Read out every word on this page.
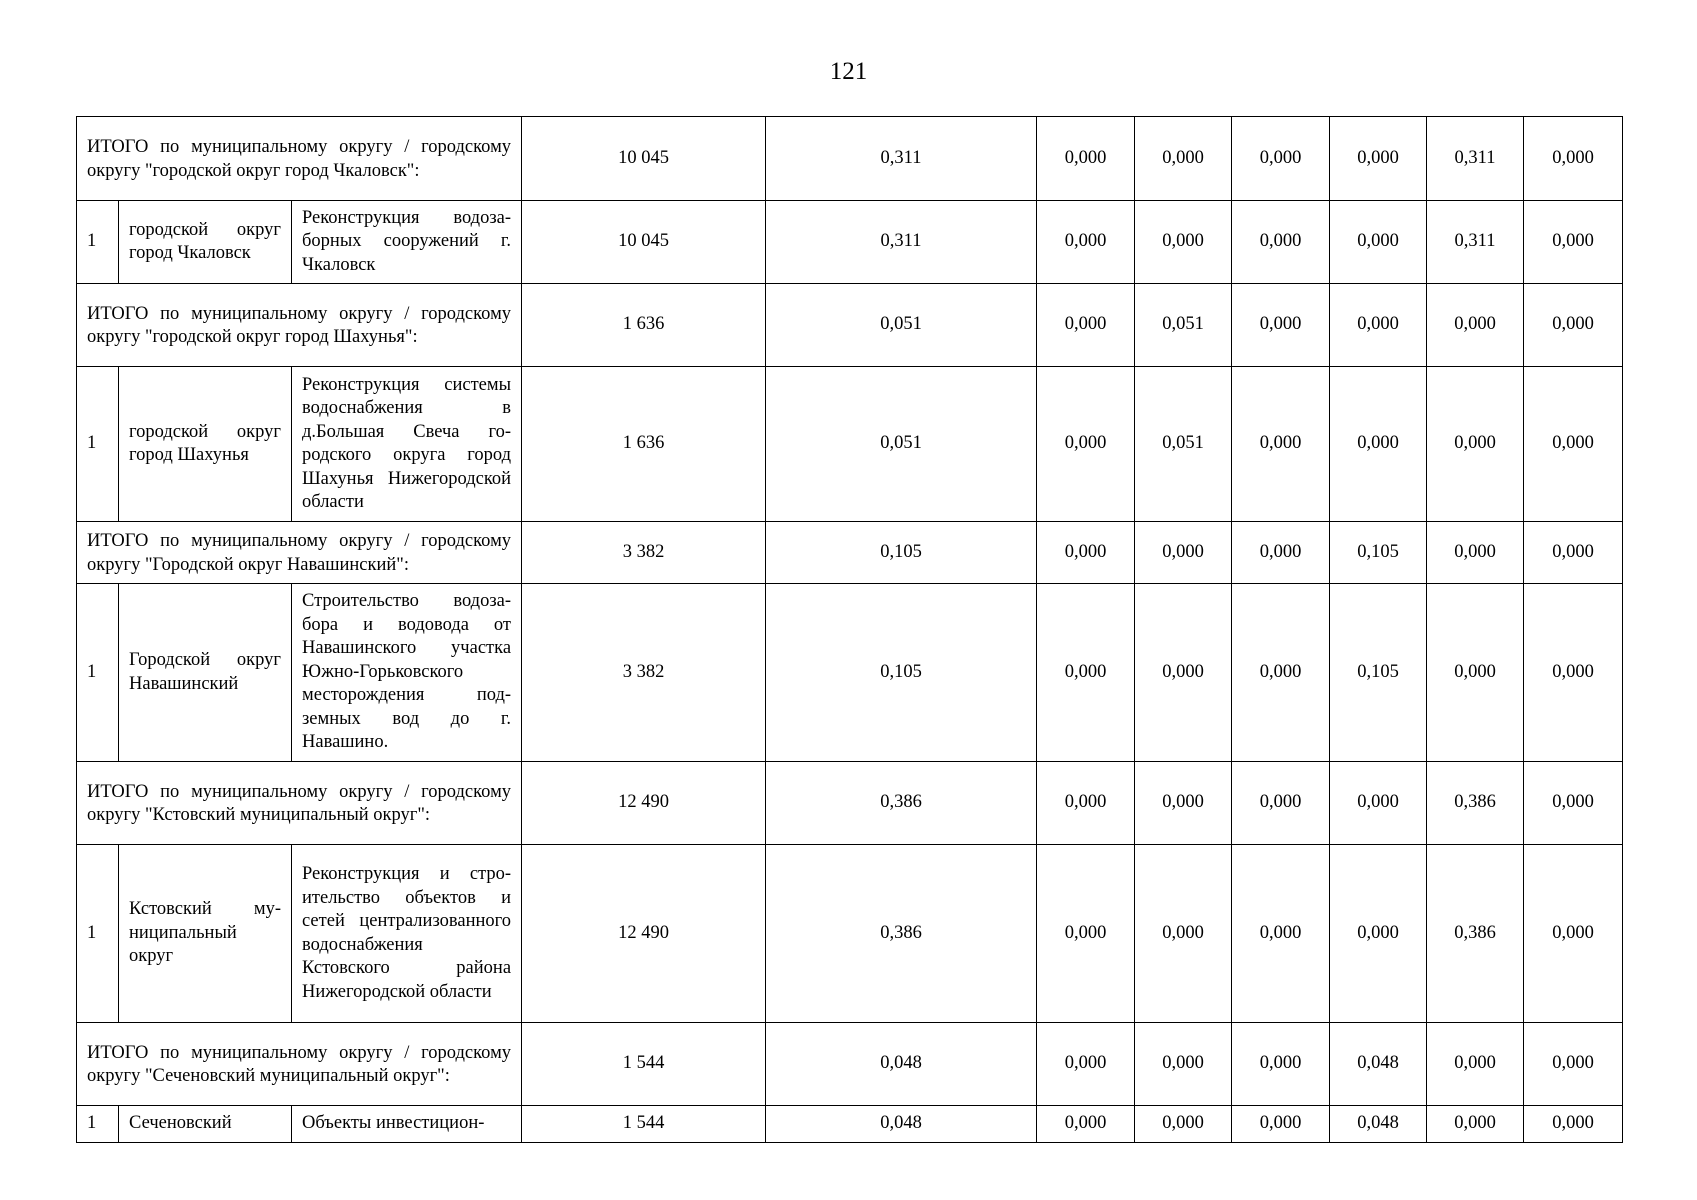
121
ИТОГО по муниципальному округу / городскому округу "городской округ город Чкаловск":			10 045	0,311	0,000	0,000	0,000	0,000	0,311	0,000
1	городской округ город Чкаловск	Реконструкция водозаборных сооружений г. Чкаловск	10 045	0,311	0,000	0,000	0,000	0,000	0,311	0,000
ИТОГО по муниципальному округу / городскому округу "городской округ город Шахунья":			1 636	0,051	0,000	0,051	0,000	0,000	0,000	0,000
1	городской округ город Шахунья	Реконструкция системы водоснабжения в д.Большая Свеча городского округа город Шахунья Нижегородской области	1 636	0,051	0,000	0,051	0,000	0,000	0,000	0,000
ИТОГО по муниципальному округу / городскому округу "Городской округ Навашинский":			3 382	0,105	0,000	0,000	0,000	0,105	0,000	0,000
1	Городской округ Навашинский	Строительство водозабора и водовода от Навашинского участка Южно-Горьковского месторождения подземных вод до г. Навашино.	3 382	0,105	0,000	0,000	0,000	0,105	0,000	0,000
ИТОГО по муниципальному округу / городскому округу "Кстовский муниципальный округ":			12 490	0,386	0,000	0,000	0,000	0,000	0,386	0,000
1	Кстовский муниципальный округ	Реконструкция и строительство объектов и сетей централизованного водоснабжения Кстовского района Нижегородской области	12 490	0,386	0,000	0,000	0,000	0,000	0,386	0,000
ИТОГО по муниципальному округу / городскому округу "Сеченовский муниципальный округ":			1 544	0,048	0,000	0,000	0,000	0,048	0,000	0,000
1	Сеченовский	Объекты инвестицион-	1 544	0,048	0,000	0,000	0,000	0,048	0,000	0,000
